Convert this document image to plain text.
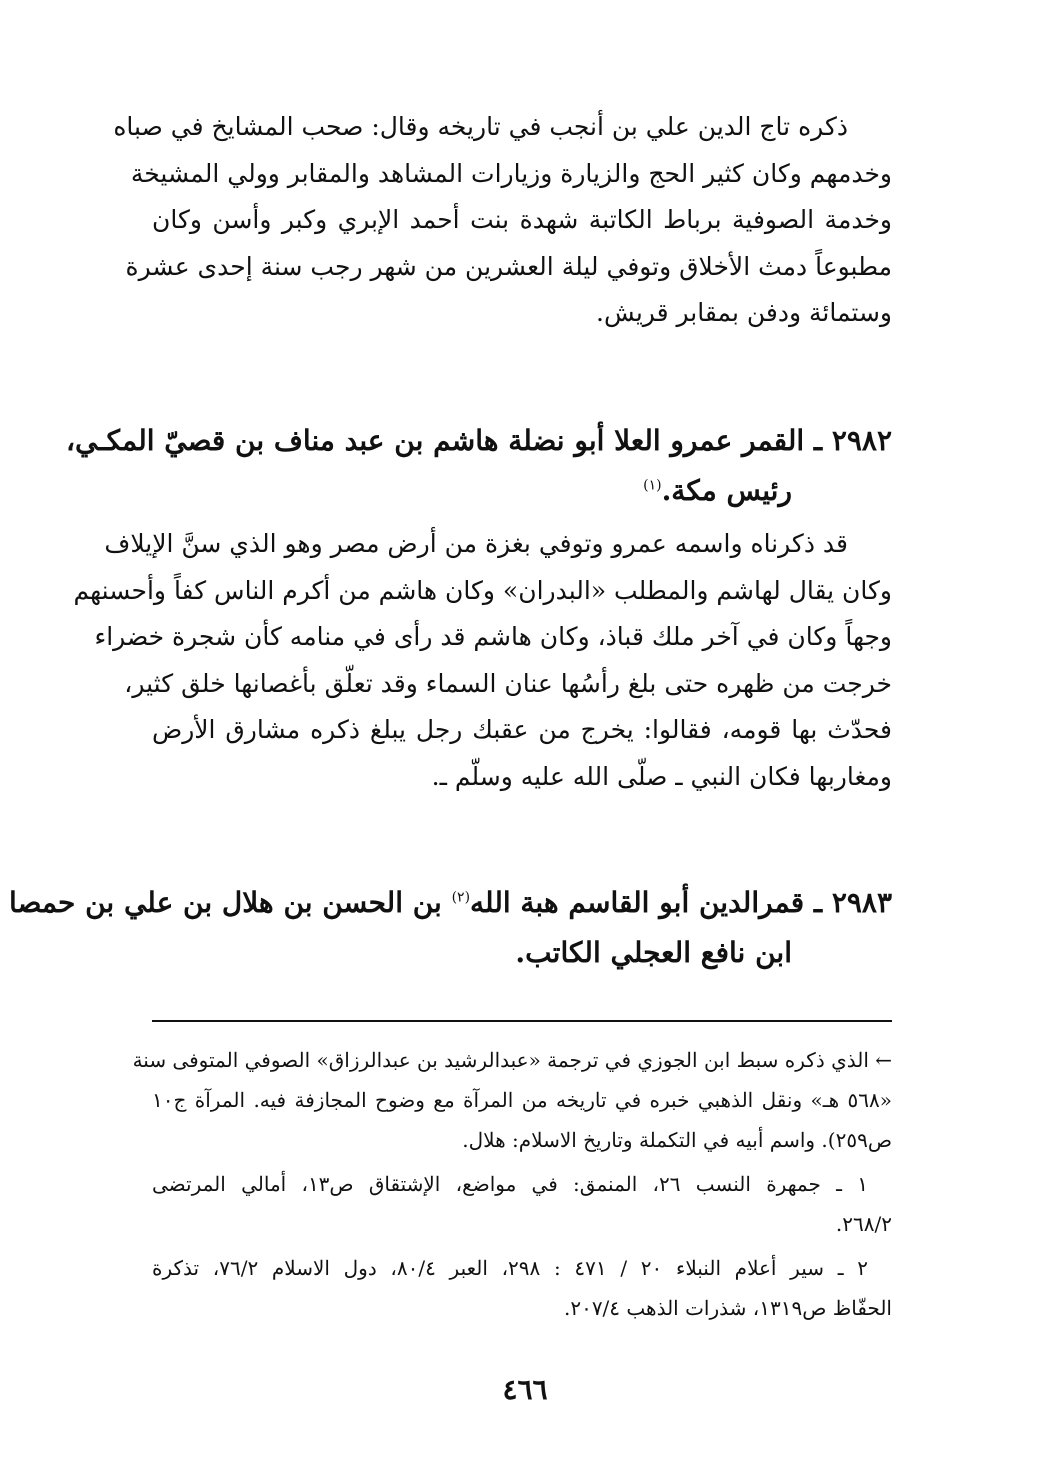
ذكره تاج الدين علي بن أنجب في تاريخه وقال: صحب المشايخ في صباه
وخدمهم وكان كثير الحج والزيارة وزيارات المشاهد والمقابر وولي المشيخة
وخدمة الصوفية برباط الكاتبة شهدة بنت أحمد الإبري وكبر وأسن وكان
مطبوعاً دمث الأخلاق وتوفي ليلة العشرين من شهر رجب سنة إحدى عشرة
وستمائة ودفن بمقابر قريش.
٢٩٨٢ ـ القمر عمرو العلا أبو نضلة هاشم بن عبد مناف بن قصيّ المكـي،
رئيس مكة.$^{(١)}$
قد ذكرناه واسمه عمرو وتوفي بغزة من أرض مصر وهو الذي سنَّ الإيلاف
وكان يقال لهاشم والمطلب «البدران» وكان هاشم من أكرم الناس كفاً وأحسنهم
وجهاً وكان في آخر ملك قباذ، وكان هاشم قد رأى في منامه كأن شجرة خضراء
خرجت من ظهره حتى بلغ رأسُها عنان السماء وقد تعلّق بأغصانها خلق كثير،
فحدّث بها قومه، فقالوا: يخرج من عقبك رجل يبلغ ذكره مشارق الأرض
ومغاربها فكان النبي ـ صلّى الله عليه وسلّم ـ.
٢٩٨٣ ـ قمرالدين أبو القاسم هبة الله$^{(٢)}$ بن الحسن بن هلال بن علي بن حمصا
ابن نافع العجلي الكاتب.
← الذي ذكره سبط ابن الجوزي في ترجمة «عبدالرشيد بن عبدالرزاق» الصوفي المتوفى سنة
«٥٦٨ هـ» ونقل الذهبي خبره في تاريخه من المرآة مع وضوح المجازفة فيه. المرآة ج١٠
ص٢٥٩). واسم أبيه في التكملة وتاريخ الاسلام: هلال.
١ ـ جمهرة النسب ٢٦، المنمق: في مواضع، الإشتقاق ص١٣، أمالي المرتضى
٢٦٨/٢.
٢ ـ سير أعلام النبلاء ٢٠ / ٤٧١ : ٢٩٨، العبر ٨٠/٤، دول الاسلام ٧٦/٢، تذكرة
الحفّاظ ص١٣١٩، شذرات الذهب ٢٠٧/٤.
٤٦٦
